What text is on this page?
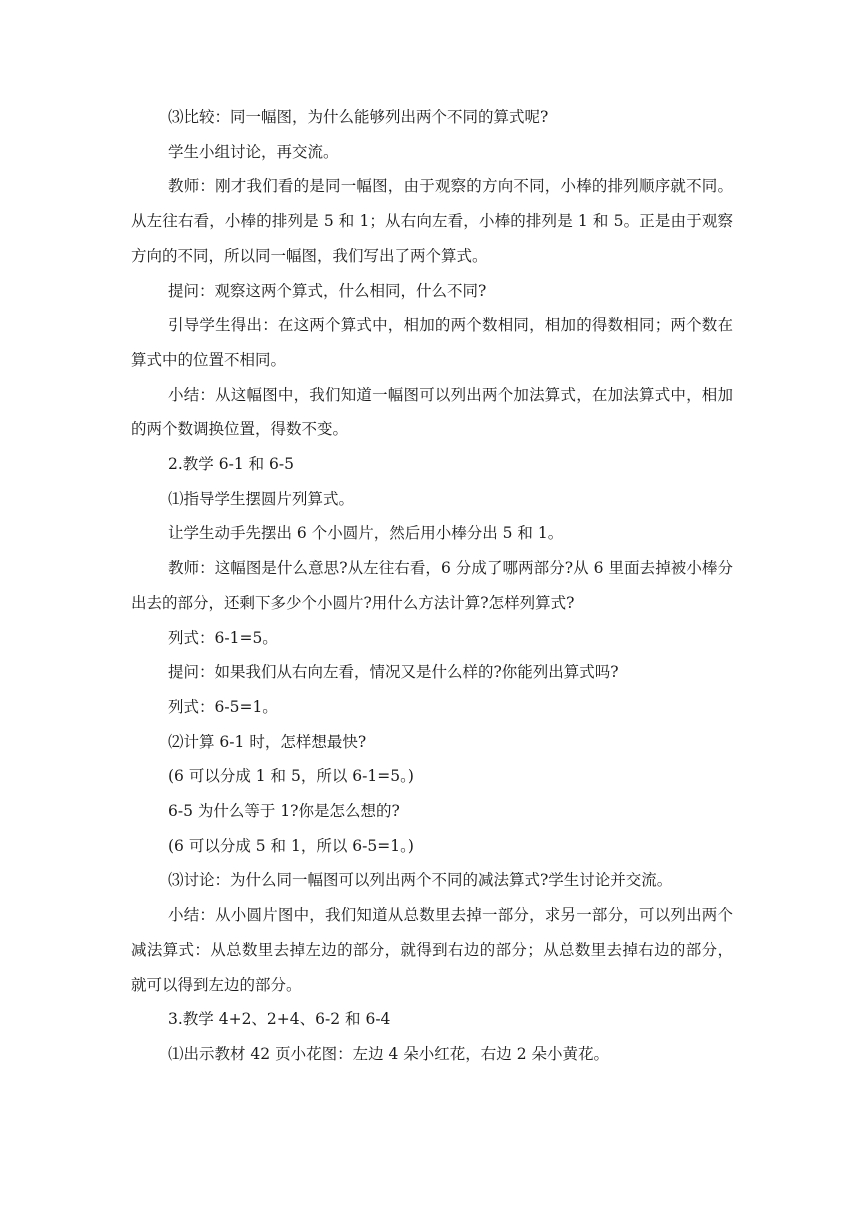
⑶比较：同一幅图，为什么能够列出两个不同的算式呢?

学生小组讨论，再交流。

教师：刚才我们看的是同一幅图，由于观察的方向不同，小棒的排列顺序就不同。从左往右看，小棒的排列是 5 和 1；从右向左看，小棒的排列是 1 和 5。正是由于观察方向的不同，所以同一幅图，我们写出了两个算式。

提问：观察这两个算式，什么相同，什么不同?

引导学生得出：在这两个算式中，相加的两个数相同，相加的得数相同；两个数在算式中的位置不相同。

小结：从这幅图中，我们知道一幅图可以列出两个加法算式，在加法算式中，相加的两个数调换位置，得数不变。

2.教学 6-1 和 6-5

⑴指导学生摆圆片列算式。

让学生动手先摆出 6 个小圆片，然后用小棒分出 5 和 1。

教师：这幅图是什么意思?从左往右看，6 分成了哪两部分?从 6 里面去掉被小棒分出去的部分，还剩下多少个小圆片?用什么方法计算?怎样列算式?

列式：6-1=5。

提问：如果我们从右向左看，情况又是什么样的?你能列出算式吗?

列式：6-5=1。

⑵计算 6-1 时，怎样想最快?

(6 可以分成 1 和 5，所以 6-1=5。)

6-5 为什么等于 1?你是怎么想的?

(6 可以分成 5 和 1，所以 6-5=1。)

⑶讨论：为什么同一幅图可以列出两个不同的减法算式?学生讨论并交流。

小结：从小圆片图中，我们知道从总数里去掉一部分，求另一部分，可以列出两个减法算式：从总数里去掉左边的部分，就得到右边的部分；从总数里去掉右边的部分，就可以得到左边的部分。

3.教学 4+2、2+4、6-2 和 6-4

⑴出示教材 42 页小花图：左边 4 朵小红花，右边 2 朵小黄花。
